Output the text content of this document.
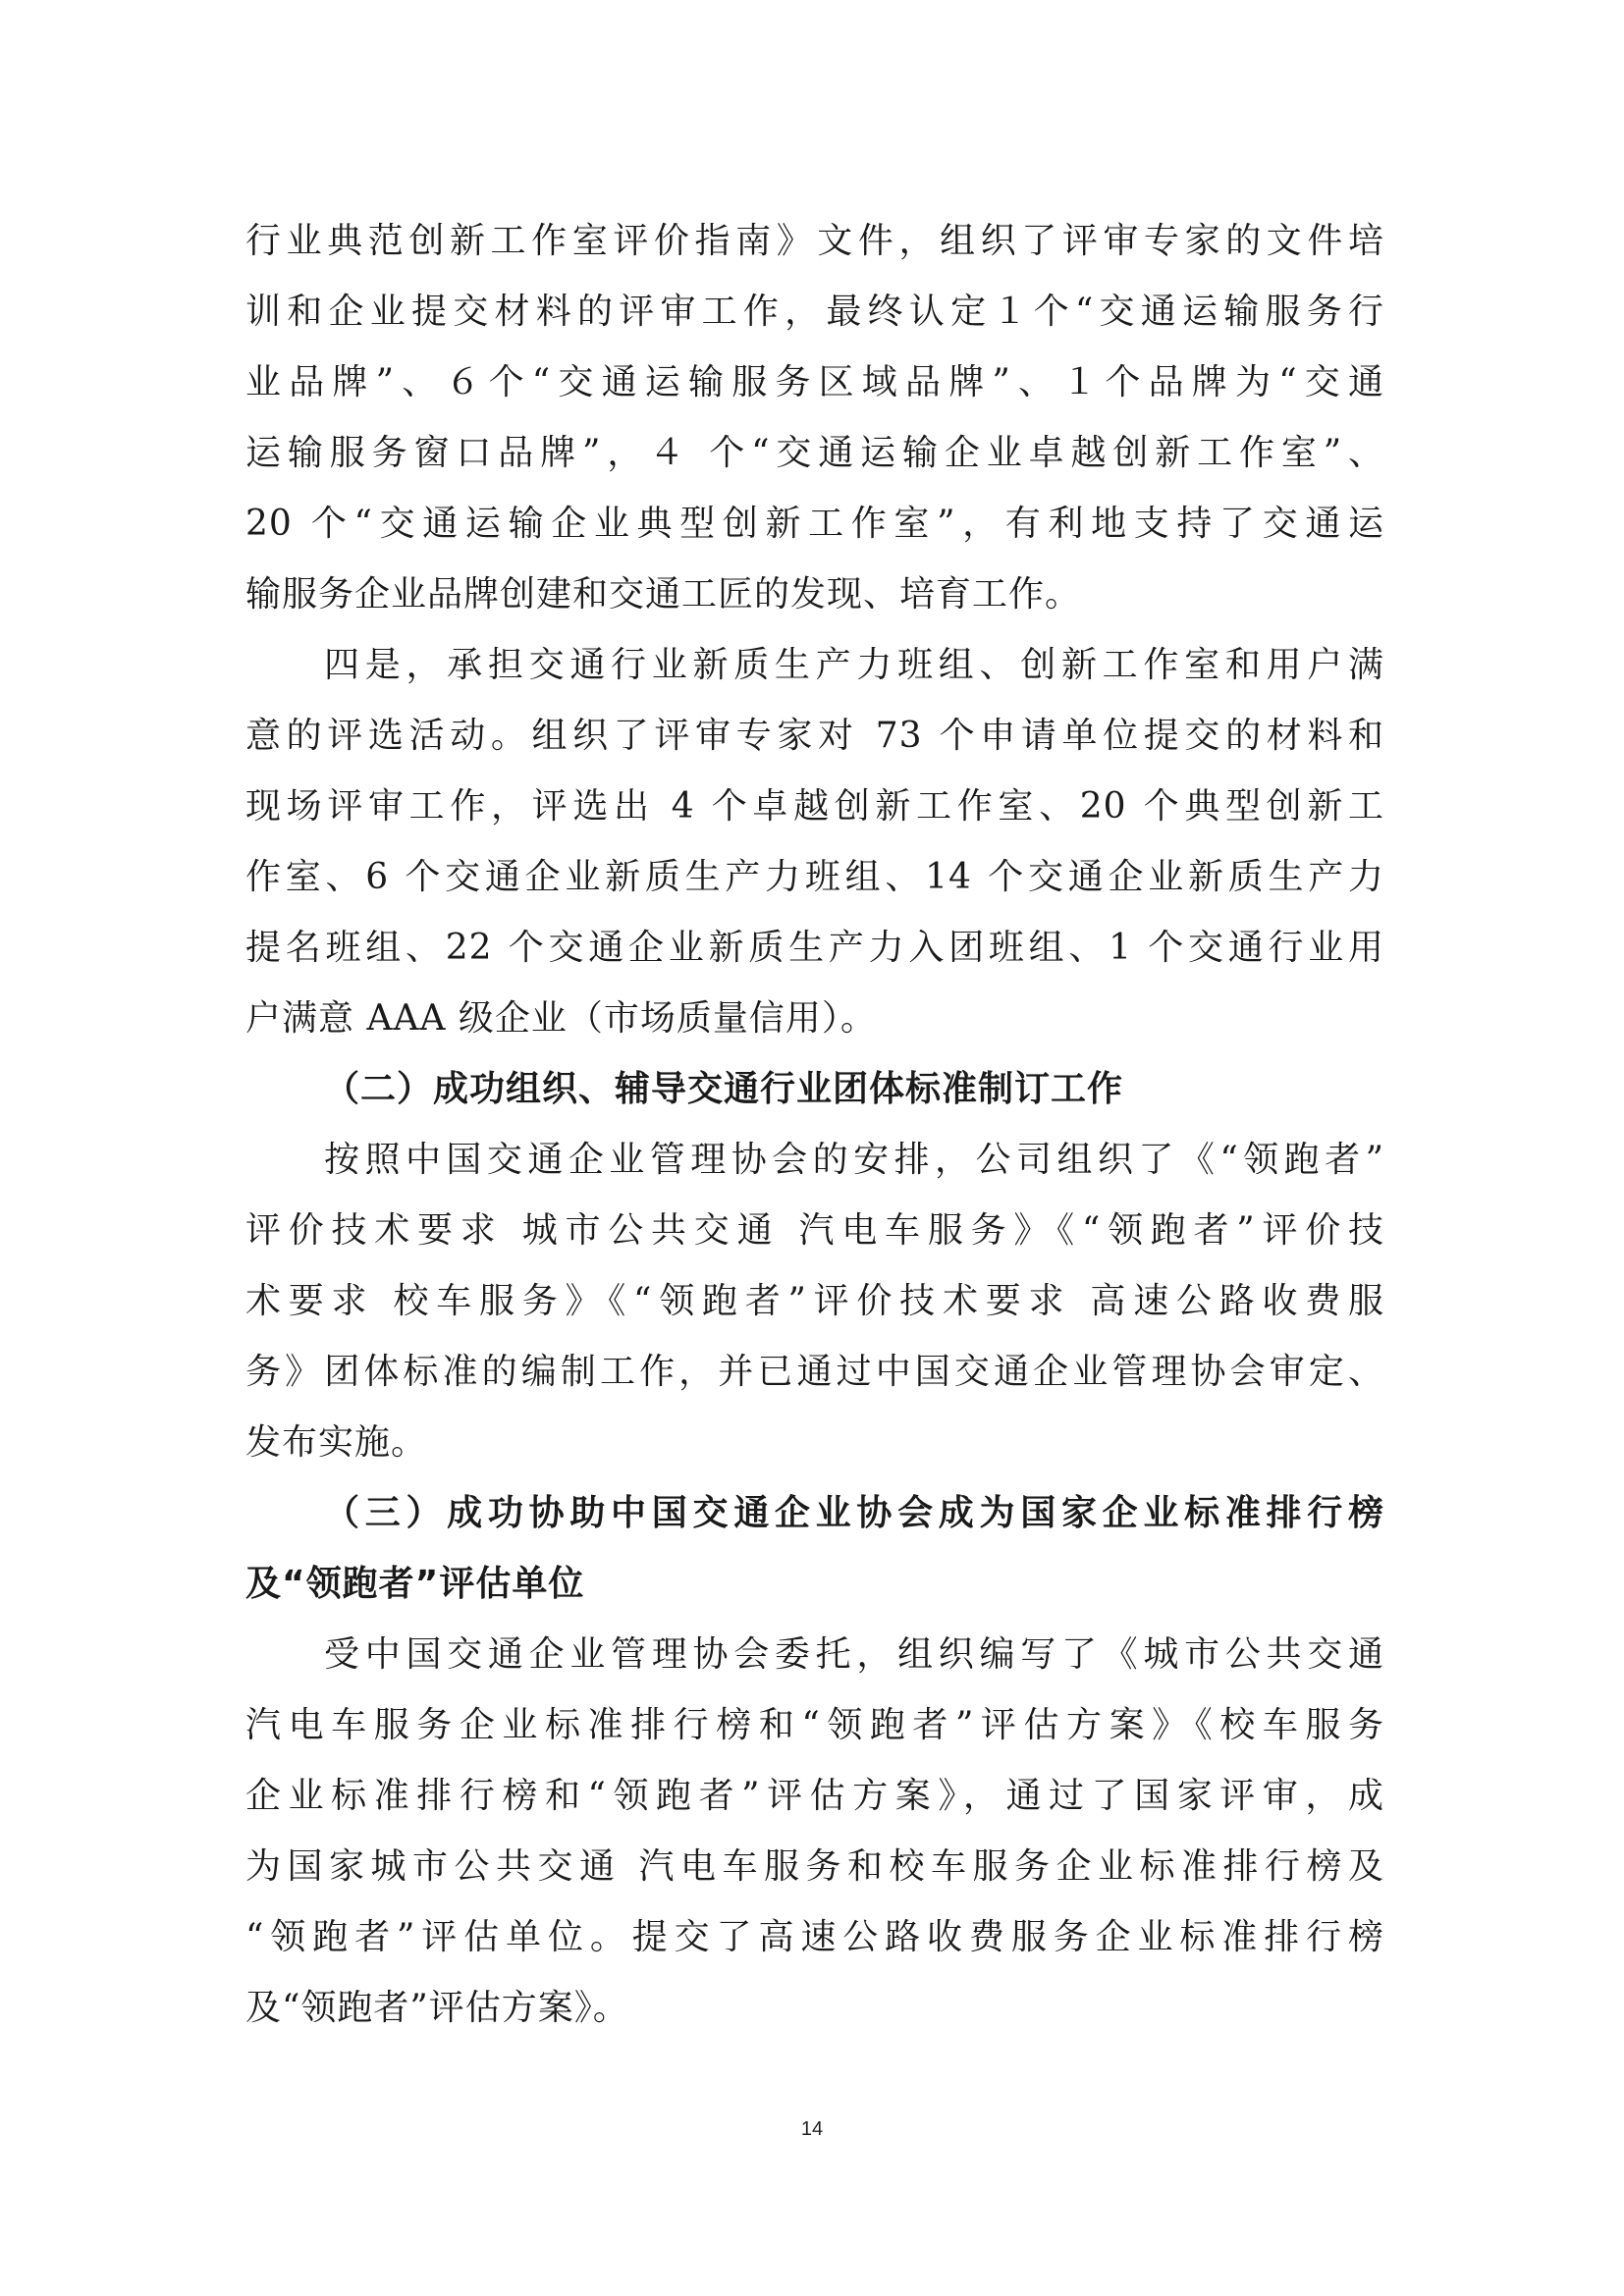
行业典范创新工作室评价指南》文件，组织了评审专家的文件培
训和企业提交材料的评审工作，最终认定１个“交通运输服务行
业品牌”、６个“交通运输服务区域品牌”、１个品牌为“交通
运输服务窗口品牌”，４ 个“交通运输企业卓越创新工作室”、
20 个“交通运输企业典型创新工作室”，有利地支持了交通运
输服务企业品牌创建和交通工匠的发现、培育工作。
四是，承担交通行业新质生产力班组、创新工作室和用户满
意的评选活动。组织了评审专家对 73 个申请单位提交的材料和
现场评审工作，评选出 4 个卓越创新工作室、20 个典型创新工
作室、6 个交通企业新质生产力班组、14 个交通企业新质生产力
提名班组、22 个交通企业新质生产力入团班组、1 个交通行业用
户满意 AAA 级企业（市场质量信用）。
（二）成功组织、辅导交通行业团体标准制订工作
按照中国交通企业管理协会的安排，公司组织了《“领跑者”
评价技术要求 城市公共交通 汽电车服务》《“领跑者”评价技
术要求 校车服务》《“领跑者”评价技术要求 高速公路收费服
务》团体标准的编制工作，并已通过中国交通企业管理协会审定、
发布实施。
（三）成功协助中国交通企业协会成为国家企业标准排行榜
及“领跑者”评估单位
受中国交通企业管理协会委托，组织编写了《城市公共交通
汽电车服务企业标准排行榜和“领跑者”评估方案》《校车服务
企业标准排行榜和“领跑者”评估方案》，通过了国家评审，成
为国家城市公共交通 汽电车服务和校车服务企业标准排行榜及
“领跑者”评估单位。提交了高速公路收费服务企业标准排行榜
及“领跑者”评估方案》。
14
